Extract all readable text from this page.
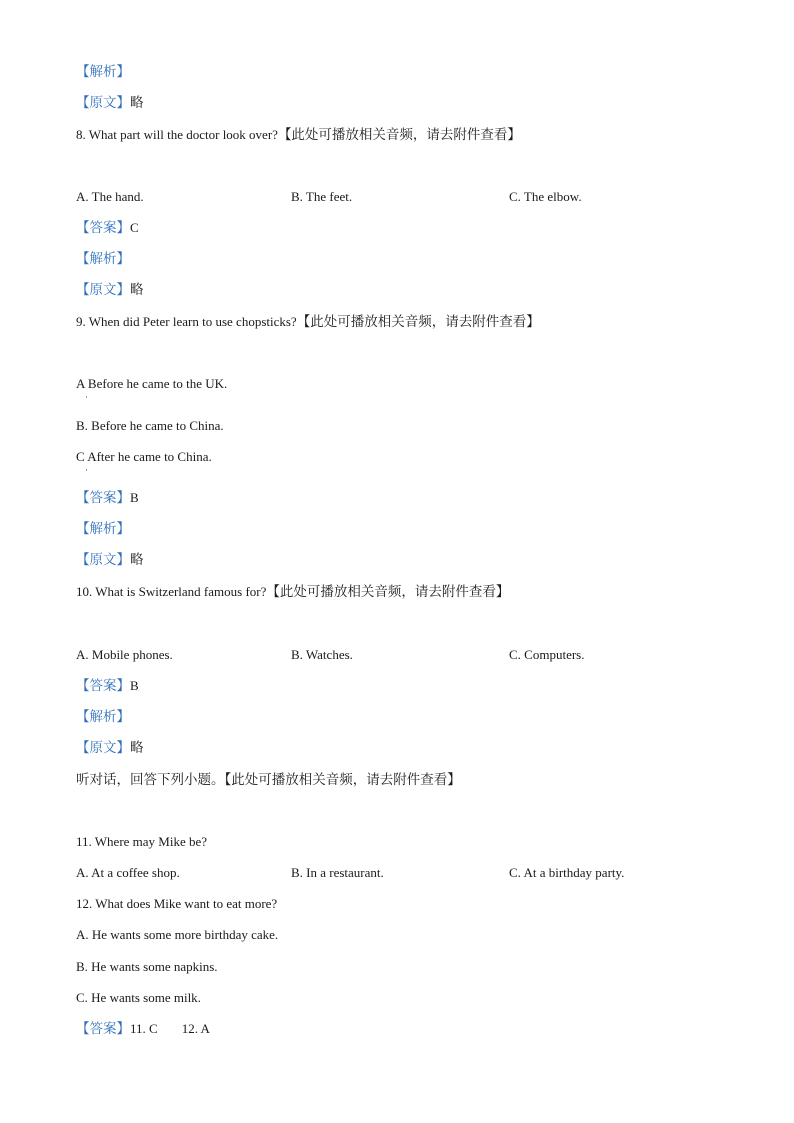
【解析】
【原文】略
8. What part will the doctor look over?【此处可播放相关音频，请去附件查看】
A. The hand.	B. The feet.	C. The elbow.
【答案】C
【解析】
【原文】略
9. When did Peter learn to use chopsticks?【此处可播放相关音频，请去附件查看】
A Before he came to the UK.
·
B. Before he came to China.
C After he came to China.
·
【答案】B
【解析】
【原文】略
10. What is Switzerland famous for?【此处可播放相关音频，请去附件查看】
A. Mobile phones.	B. Watches.	C. Computers.
【答案】B
【解析】
【原文】略
听对话，回答下列小题。【此处可播放相关音频，请去附件查看】
11. Where may Mike be?
A. At a coffee shop.	B. In a restaurant.	C. At a birthday party.
12. What does Mike want to eat more?
A. He wants some more birthday cake.
B. He wants some napkins.
C. He wants some milk.
【答案】11. C 12. A
